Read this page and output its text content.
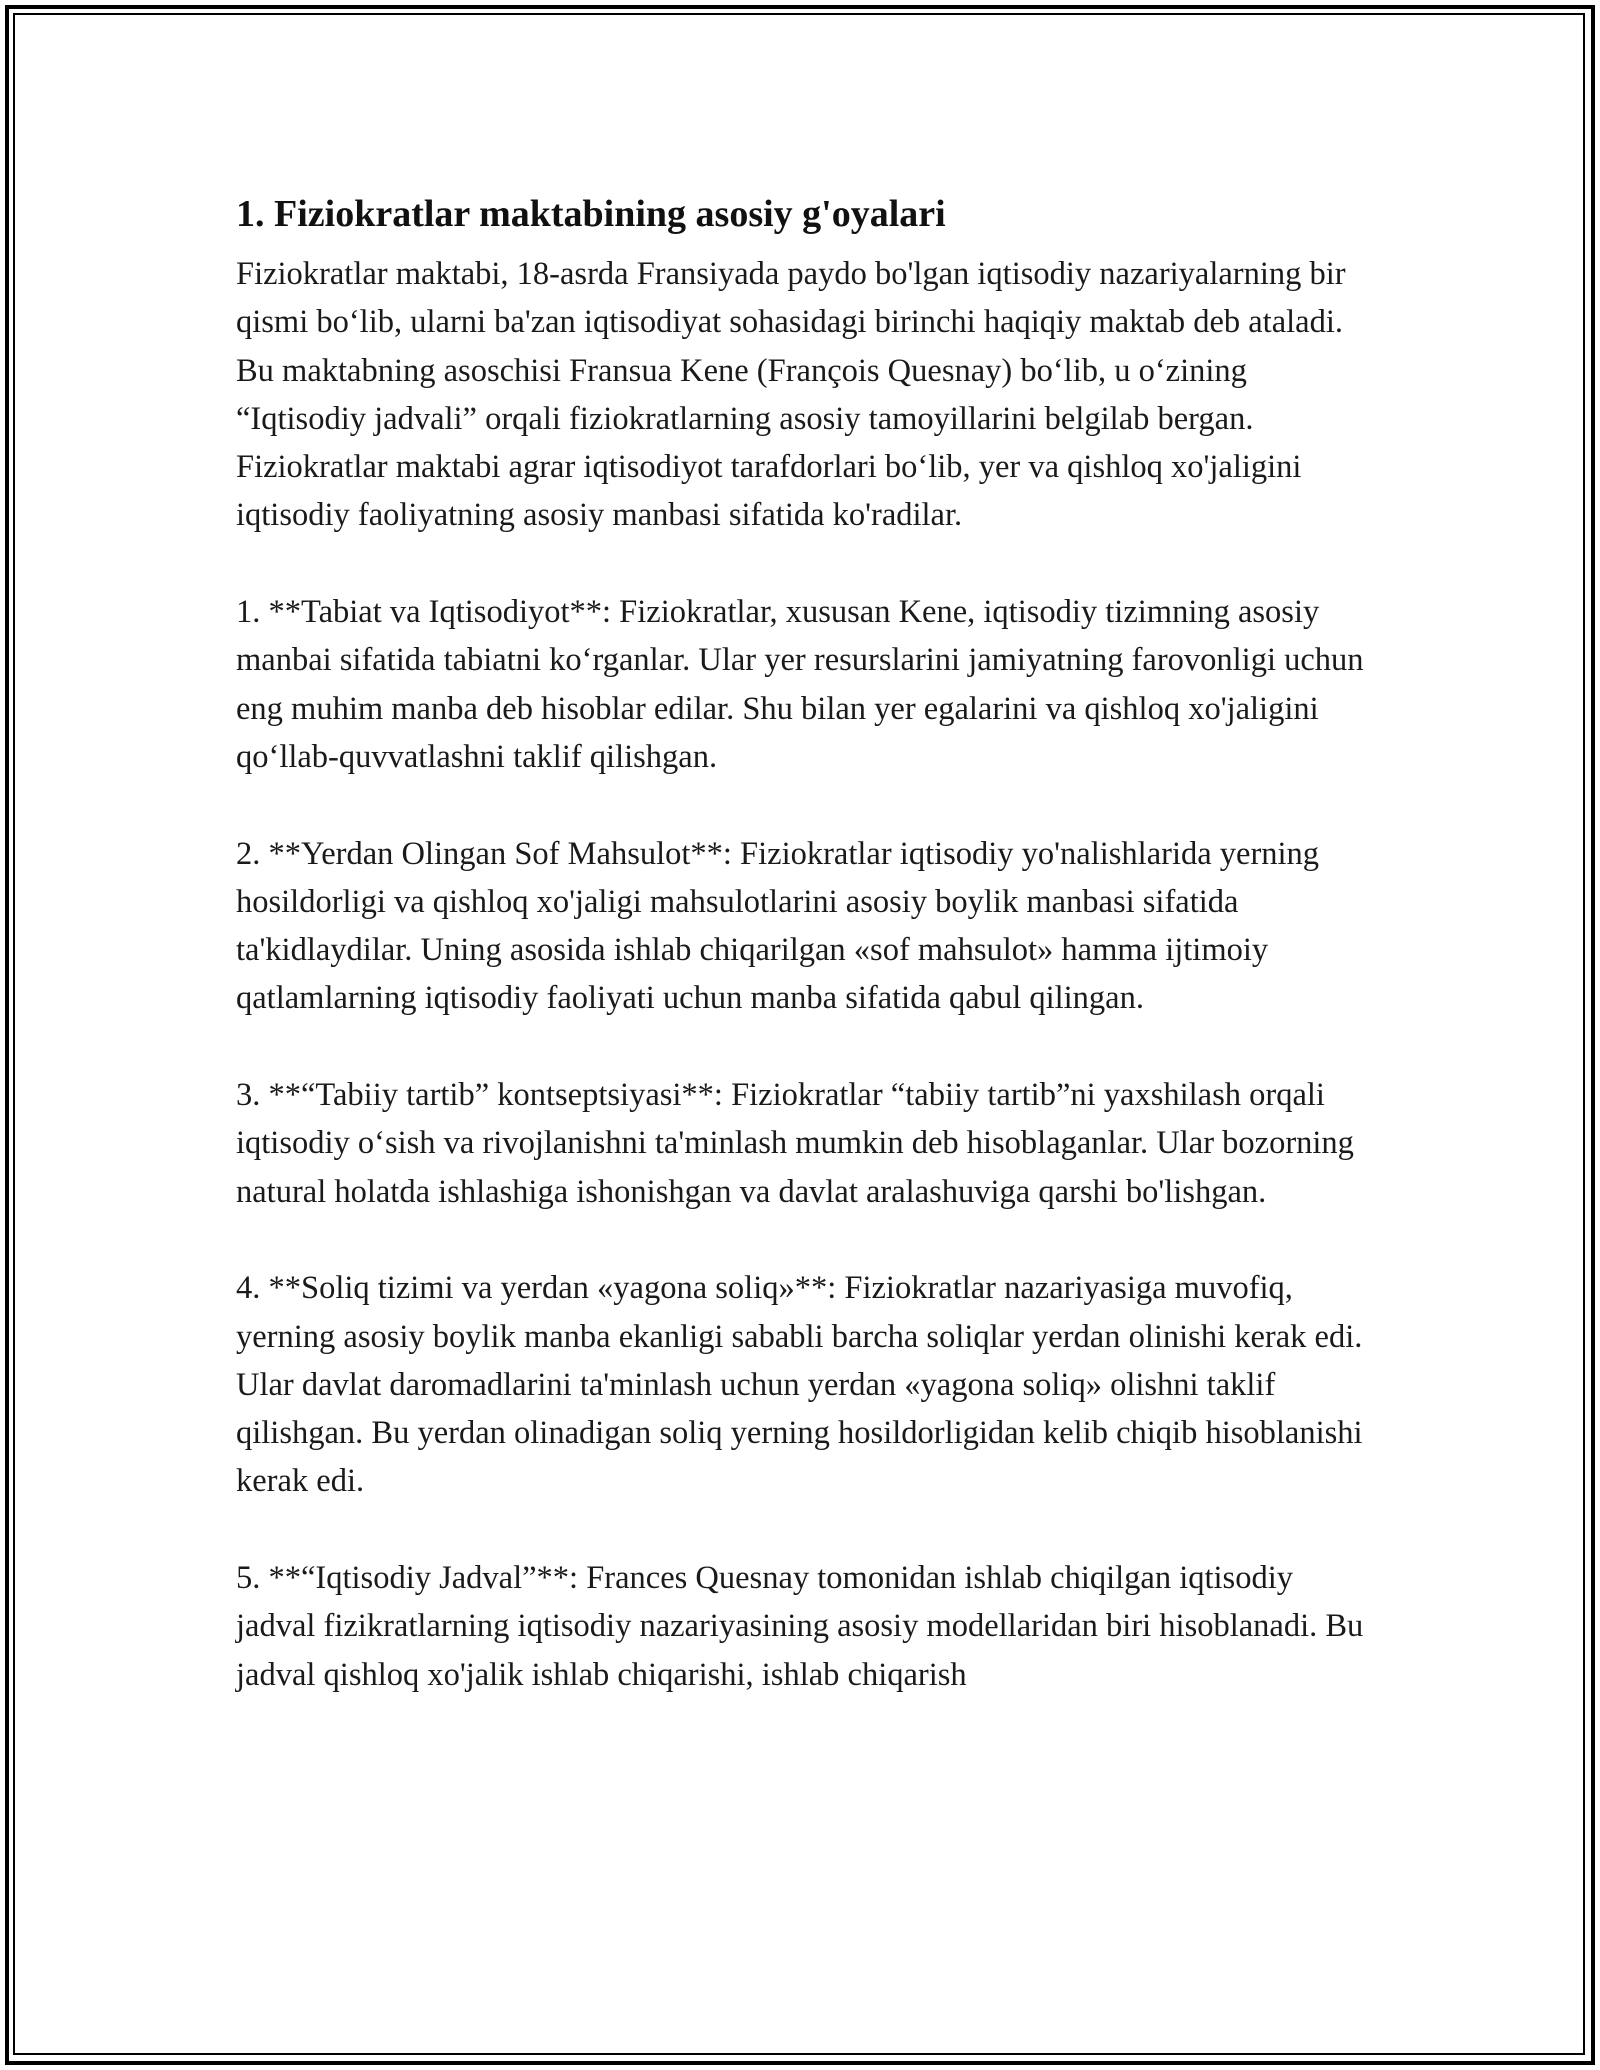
1. Fiziokratlar maktabining asosiy g'oyalari

Fiziokratlar maktabi, 18-asrda Fransiyada paydo bo'lgan iqtisodiy nazariyalarning bir qismi bo‘lib, ularni ba'zan iqtisodiyat sohasidagi birinchi haqiqiy maktab deb ataladi. Bu maktabning asoschisi Fransua Kene (François Quesnay) bo‘lib, u o‘zining “Iqtisodiy jadvali” orqali fiziokratlarning asosiy tamoyillarini belgilab bergan. Fiziokratlar maktabi agrar iqtisodiyot tarafdorlari bo‘lib, yer va qishloq xo'jaligini iqtisodiy faoliyatning asosiy manbasi sifatida ko'radilar.

1. **Tabiat va Iqtisodiyot**: Fiziokratlar, xususan Kene, iqtisodiy tizimning asosiy manbai sifatida tabiatni ko‘rganlar. Ular yer resurslarini jamiyatning farovonligi uchun eng muhim manba deb hisoblar edilar. Shu bilan yer egalarini va qishloq xo'jaligini qo‘llab-quvvatlashni taklif qilishgan.

2. **Yerdan Olingan Sof Mahsulot**: Fiziokratlar iqtisodiy yo'nalishlarida yerning hosildorligi va qishloq xo'jaligi mahsulotlarini asosiy boylik manbasi sifatida ta'kidlaydilar. Uning asosida ishlab chiqarilgan «sof mahsulot» hamma ijtimoiy qatlamlarning iqtisodiy faoliyati uchun manba sifatida qabul qilingan.

3. **“Tabiiy tartib” kontseptsiyasi**: Fiziokratlar “tabiiy tartib”ni yaxshilash orqali iqtisodiy o‘sish va rivojlanishni ta'minlash mumkin deb hisoblaganlar. Ular bozorning natural holatda ishlashiga ishonishgan va davlat aralashuviga qarshi bo'lishgan.

4. **Soliq tizimi va yerdan «yagona soliq»**: Fiziokratlar nazariyasiga muvofiq, yerning asosiy boylik manba ekanligi sababli barcha soliqlar yerdan olinishi kerak edi. Ular davlat daromadlarini ta'minlash uchun yerdan «yagona soliq» olishni taklif qilishgan. Bu yerdan olinadigan soliq yerning hosildorligidan kelib chiqib hisoblanishi kerak edi.

5. **“Iqtisodiy Jadval”**: Frances Quesnay tomonidan ishlab chiqilgan iqtisodiy jadval fizikratlarning iqtisodiy nazariyasining asosiy modellaridan biri hisoblanadi. Bu jadval qishloq xo'jalik ishlab chiqarishi, ishlab chiqarish
